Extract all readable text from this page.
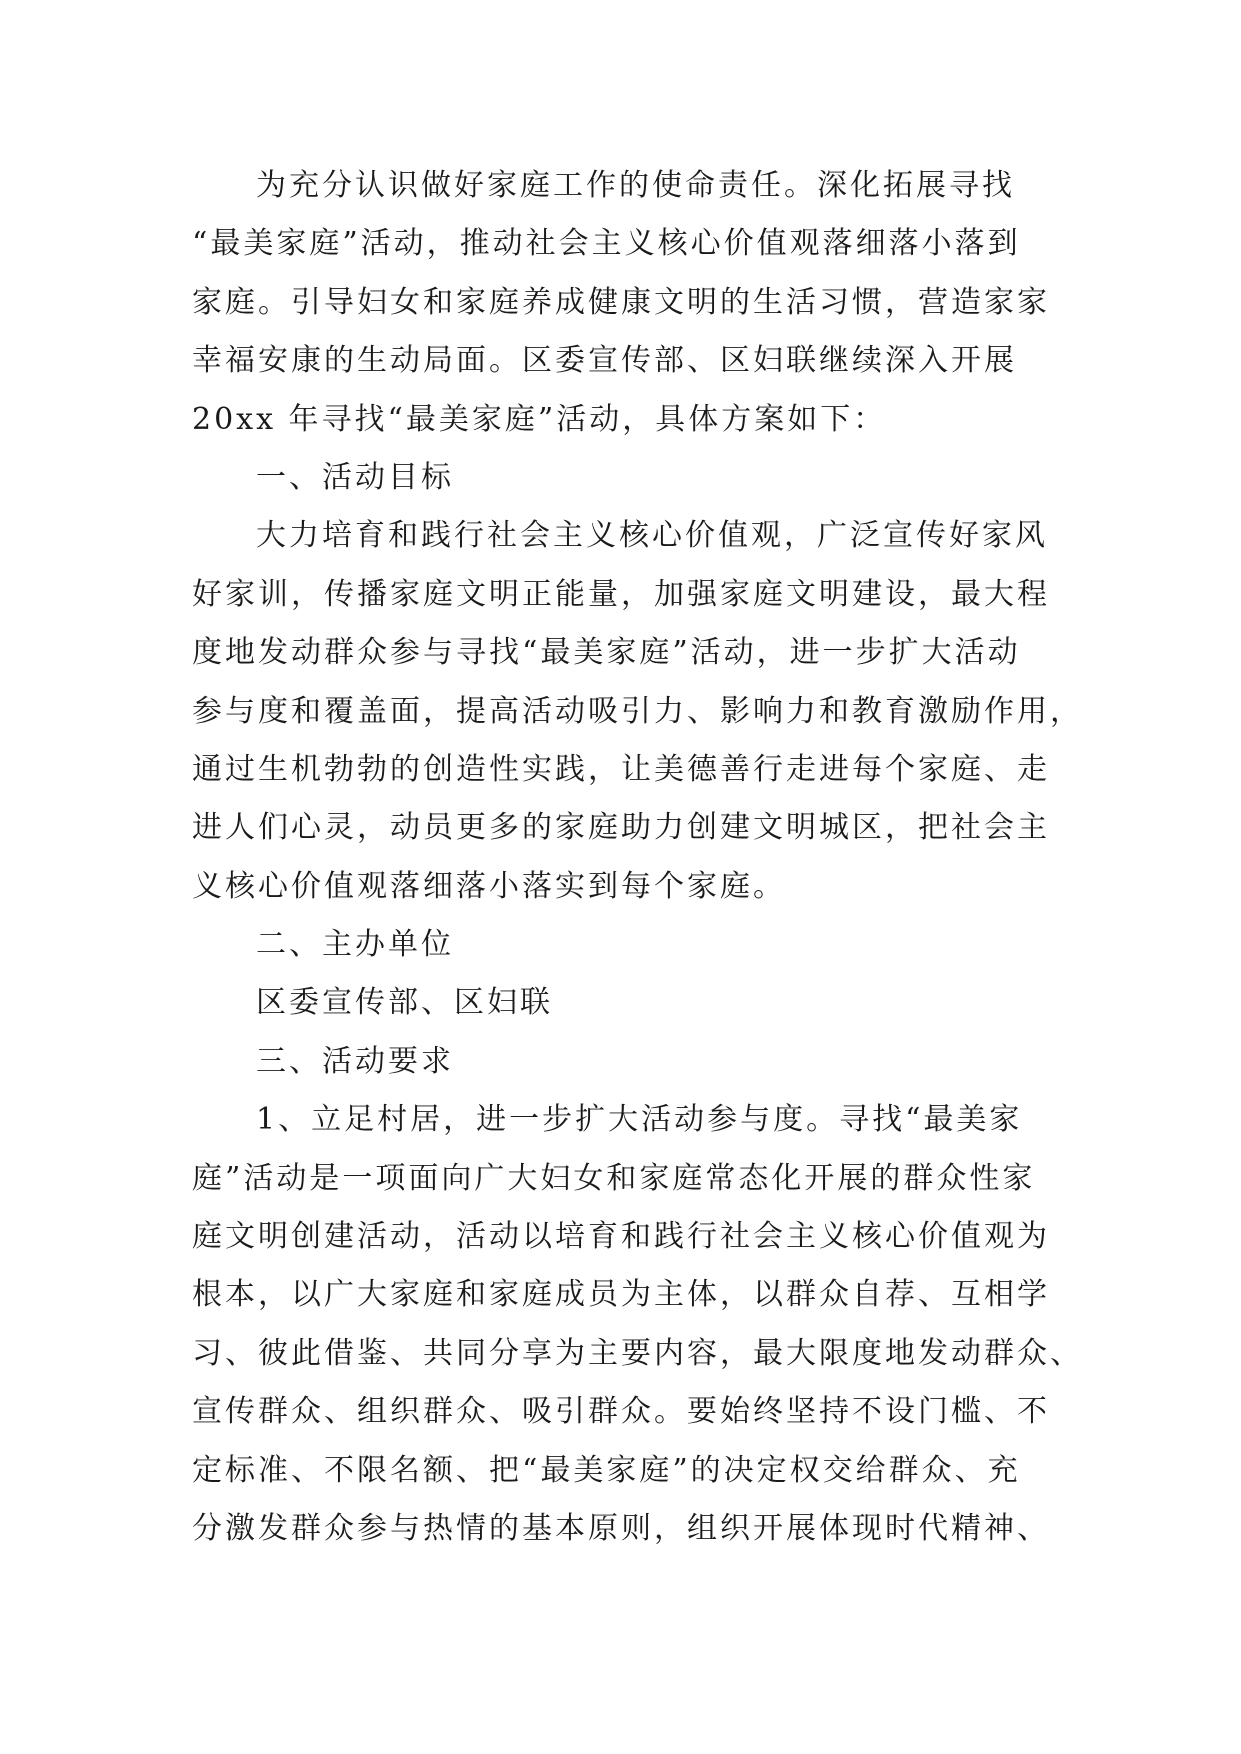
为充分认识做好家庭工作的使命责任。深化拓展寻找
“最美家庭”活动，推动社会主义核心价值观落细落小落到
家庭。引导妇女和家庭养成健康文明的生活习惯，营造家家
幸福安康的生动局面。区委宣传部、区妇联继续深入开展
20xx 年寻找“最美家庭”活动，具体方案如下：
一、活动目标
大力培育和践行社会主义核心价值观，广泛宣传好家风
好家训，传播家庭文明正能量，加强家庭文明建设，最大程
度地发动群众参与寻找“最美家庭”活动，进一步扩大活动
参与度和覆盖面，提高活动吸引力、影响力和教育激励作用，
通过生机勃勃的创造性实践，让美德善行走进每个家庭、走
进人们心灵，动员更多的家庭助力创建文明城区，把社会主
义核心价值观落细落小落实到每个家庭。
二、主办单位
区委宣传部、区妇联
三、活动要求
1、立足村居，进一步扩大活动参与度。寻找“最美家
庭”活动是一项面向广大妇女和家庭常态化开展的群众性家
庭文明创建活动，活动以培育和践行社会主义核心价值观为
根本，以广大家庭和家庭成员为主体，以群众自荐、互相学
习、彼此借鉴、共同分享为主要内容，最大限度地发动群众、
宣传群众、组织群众、吸引群众。要始终坚持不设门槛、不
定标准、不限名额、把“最美家庭”的决定权交给群众、充
分激发群众参与热情的基本原则，组织开展体现时代精神、
